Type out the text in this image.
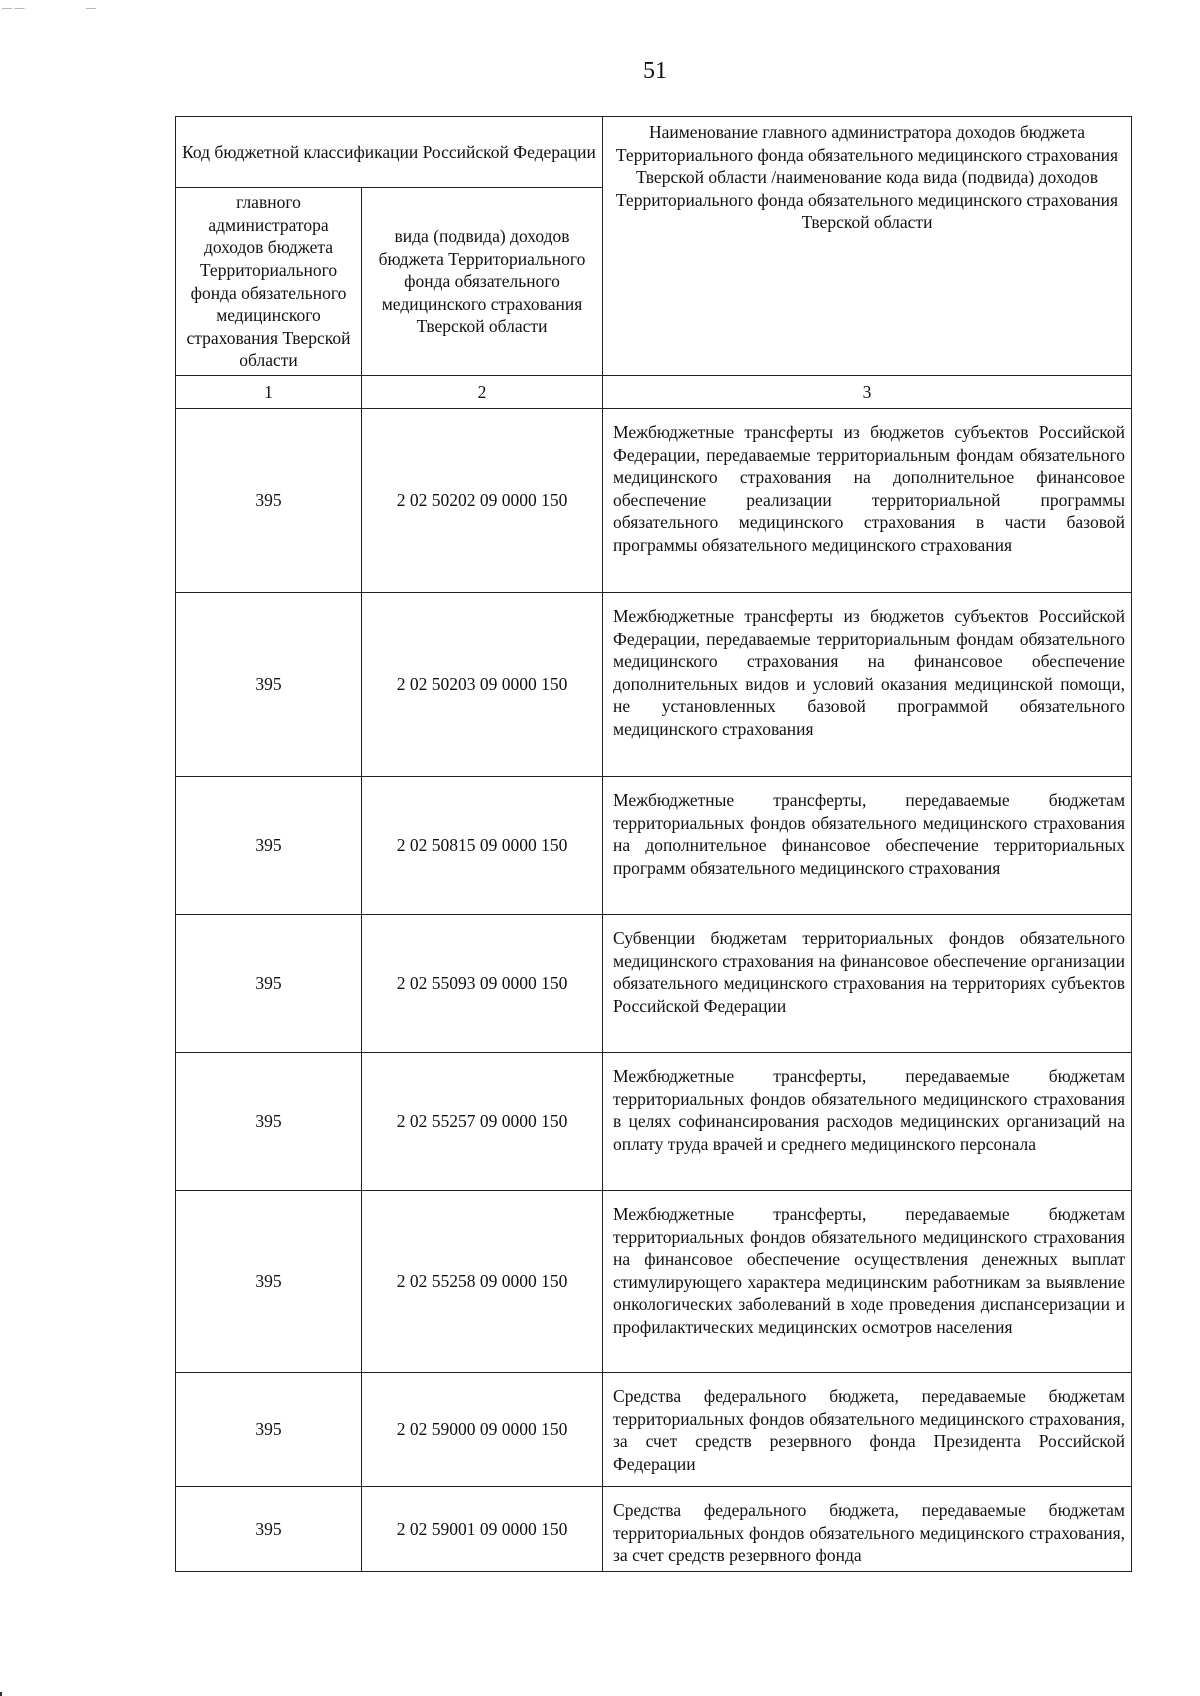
— —	—
51
Код бюджетной классификации Российской Федерации		Наименование главного администратора доходов бюджета Территориального фонда обязательного медицинского страхования Тверской области /наименование кода вида (подвида) доходов Территориального фонда обязательного медицинского страхования Тверской области
главного администратора доходов бюджета Территориального фонда обязательного медицинского страхования Тверской области	вида (подвида) доходов бюджета Территориального фонда обязательного медицинского страхования Тверской области	
1	2	3
395	2 02 50202 09 0000 150	Межбюджетные трансферты из бюджетов субъектов Российской Федерации, передаваемые территориальным фондам обязательного медицинского страхования на дополнительное финансовое обеспечение реализации территориальной программы обязательного медицинского страхования в части базовой программы обязательного медицинского страхования
395	2 02 50203 09 0000 150	Межбюджетные трансферты из бюджетов субъектов Российской Федерации, передаваемые территориальным фондам обязательного медицинского страхования на финансовое обеспечение дополнительных видов и условий оказания медицинской помощи, не установленных базовой программой обязательного медицинского страхования
395	2 02 50815 09 0000 150	Межбюджетные трансферты, передаваемые бюджетам территориальных фондов обязательного медицинского страхования на дополнительное финансовое обеспечение территориальных программ обязательного медицинского страхования
395	2 02 55093 09 0000 150	Субвенции бюджетам территориальных фондов обязательного медицинского страхования на финансовое обеспечение организации обязательного медицинского страхования на территориях субъектов Российской Федерации
395	2 02 55257 09 0000 150	Межбюджетные трансферты, передаваемые бюджетам территориальных фондов обязательного медицинского страхования в целях софинансирования расходов медицинских организаций на оплату труда врачей и среднего медицинского персонала
395	2 02 55258 09 0000 150	Межбюджетные трансферты, передаваемые бюджетам территориальных фондов обязательного медицинского страхования на финансовое обеспечение осуществления денежных выплат стимулирующего характера медицинским работникам за выявление онкологических заболеваний в ходе проведения диспансеризации и профилактических медицинских осмотров населения
395	2 02 59000 09 0000 150	Средства федерального бюджета, передаваемые бюджетам территориальных фондов обязательного медицинского страхования, за счет средств резервного фонда Президента Российской Федерации
395	2 02 59001 09 0000 150	Средства федерального бюджета, передаваемые бюджетам территориальных фондов обязательного медицинского страхования, за счет средств резервного фонда
